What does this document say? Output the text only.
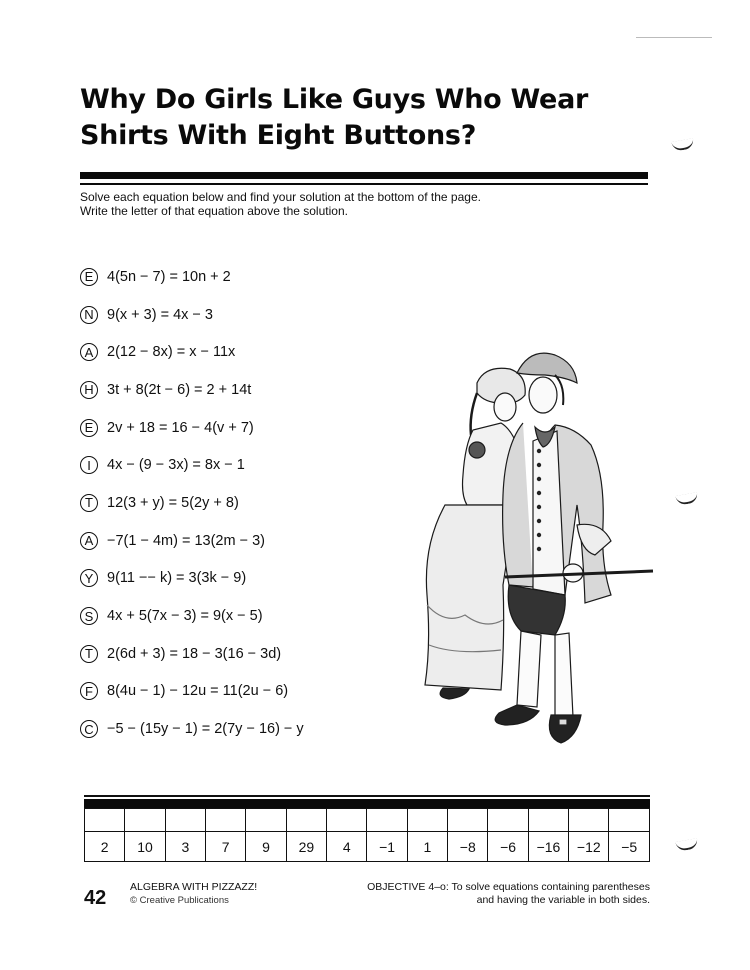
Why Do Girls Like Guys Who Wear
Shirts With Eight Buttons?
Solve each equation below and find your solution at the bottom of the page.
Write the letter of that equation above the solution.
E 4(5n − 7) = 10n + 2
N 9(x + 3) = 4x − 3
A 2(12 − 8x) = x − 11x
H 3t + 8(2t − 6) = 2 + 14t
E 2v + 18 = 16 − 4(v + 7)
I	4x − (9 − 3x) = 8x − 1
T 12(3 + y) = 5(2y + 8)
A −7(1 − 4m) = 13(2m − 3)
Y 9(11 −− k) = 3(3k − 9)
S 4x + 5(7x − 3) = 9(x − 5)
T 2(6d + 3) = 18 − 3(16 − 3d)
F 8(4u − 1) − 12u = 11(2u − 6)
C −5 − (15y − 1) = 2(7y − 16) − y

2	10	3	7	9	29	4	−1	1	−8	−6	−16	−12	−5
42 ALGEBRA WITH PIZZAZZ!
© Creative Publications
OBJECTIVE 4–o: To solve equations containing parentheses
and having the variable in both sides.
